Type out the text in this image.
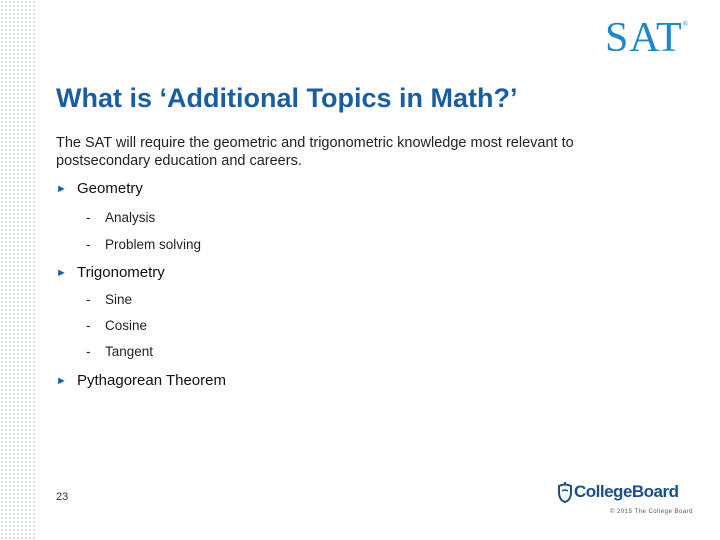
SAT®
What is ‘Additional Topics in Math?’
The SAT will require the geometric and trigonometric knowledge most relevant to postsecondary education and careers.
► Geometry
- Analysis
- Problem solving
► Trigonometry
- Sine
- Cosine
- Tangent
► Pythagorean Theorem
23	CollegeBoard
© 2015 The College Board
